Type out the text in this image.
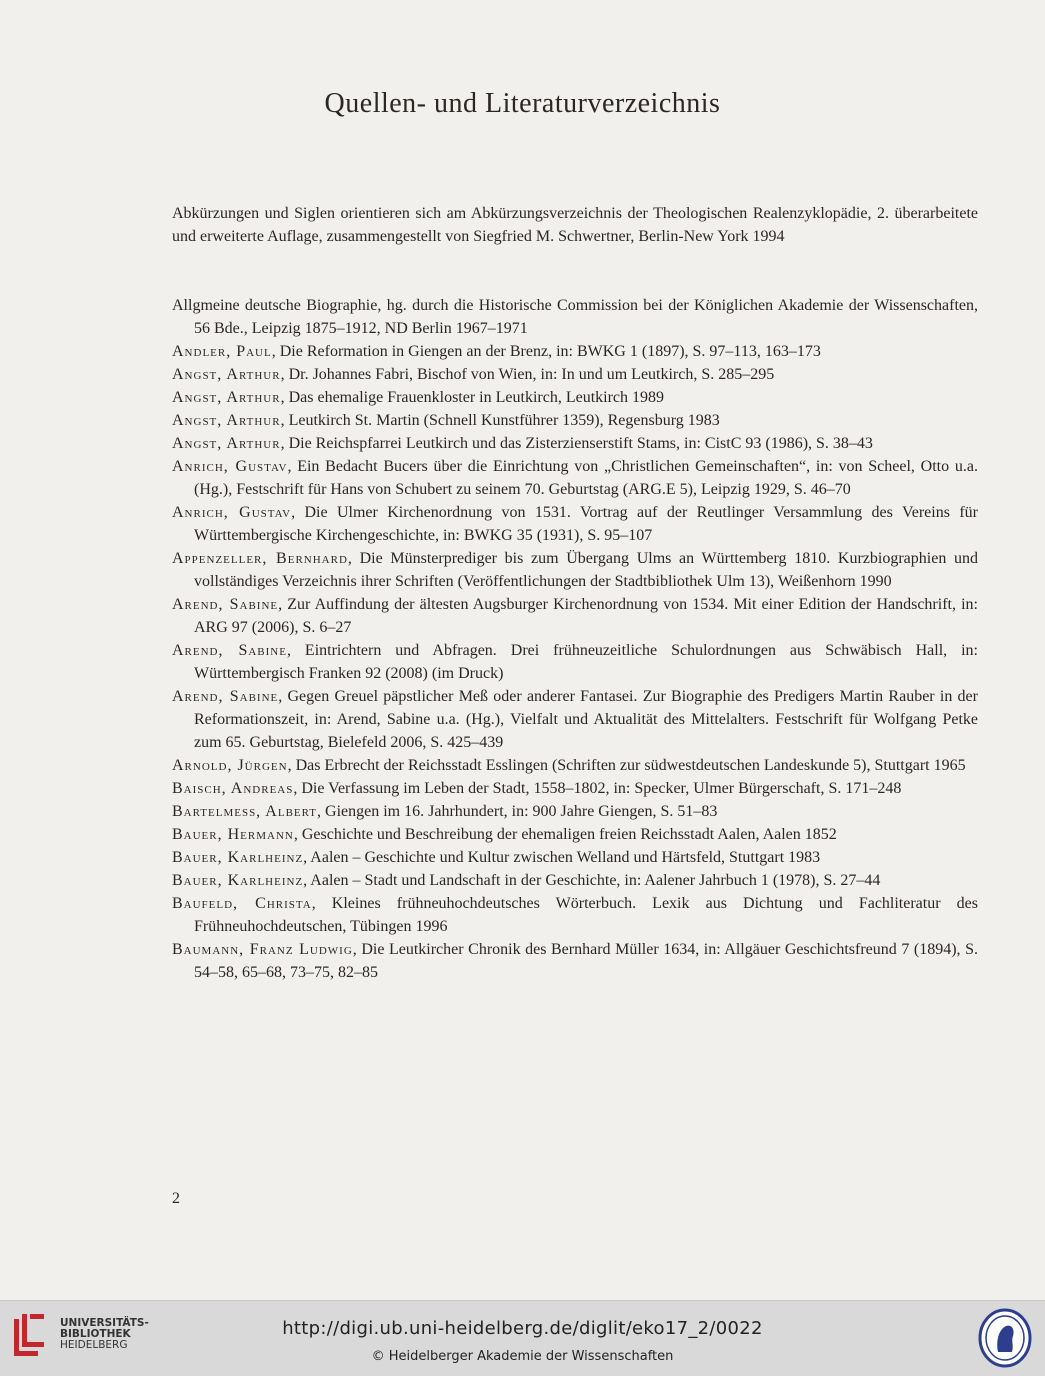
Quellen- und Literaturverzeichnis

Abkürzungen und Siglen orientieren sich am Abkürzungsverzeichnis der Theologischen Realenzyklopädie, 2. überarbeitete und erweiterte Auflage, zusammengestellt von Siegfried M. Schwertner, Berlin-New York 1994

Allgmeine deutsche Biographie, hg. durch die Historische Commission bei der Königlichen Akademie der Wissenschaften, 56 Bde., Leipzig 1875–1912, ND Berlin 1967–1971

Andler, Paul, Die Reformation in Giengen an der Brenz, in: BWKG 1 (1897), S. 97–113, 163–173

Angst, Arthur, Dr. Johannes Fabri, Bischof von Wien, in: In und um Leutkirch, S. 285–295

Angst, Arthur, Das ehemalige Frauenkloster in Leutkirch, Leutkirch 1989

Angst, Arthur, Leutkirch St. Martin (Schnell Kunstführer 1359), Regensburg 1983

Angst, Arthur, Die Reichspfarrei Leutkirch und das Zisterzienserstift Stams, in: CistC 93 (1986), S. 38–43

Anrich, Gustav, Ein Bedacht Bucers über die Einrichtung von „Christlichen Gemeinschaften“, in: von Scheel, Otto u.a. (Hg.), Festschrift für Hans von Schubert zu seinem 70. Geburtstag (ARG.E 5), Leipzig 1929, S. 46–70

Anrich, Gustav, Die Ulmer Kirchenordnung von 1531. Vortrag auf der Reutlinger Versammlung des Vereins für Württembergische Kirchengeschichte, in: BWKG 35 (1931), S. 95–107

Appenzeller, Bernhard, Die Münsterprediger bis zum Übergang Ulms an Württemberg 1810. Kurzbiographien und vollständiges Verzeichnis ihrer Schriften (Veröffentlichungen der Stadtbibliothek Ulm 13), Weißenhorn 1990

Arend, Sabine, Zur Auffindung der ältesten Augsburger Kirchenordnung von 1534. Mit einer Edition der Handschrift, in: ARG 97 (2006), S. 6–27

Arend, Sabine, Eintrichtern und Abfragen. Drei frühneuzeitliche Schulordnungen aus Schwäbisch Hall, in: Württembergisch Franken 92 (2008) (im Druck)

Arend, Sabine, Gegen Greuel päpstlicher Meß oder anderer Fantasei. Zur Biographie des Predigers Martin Rauber in der Reformationszeit, in: Arend, Sabine u.a. (Hg.), Vielfalt und Aktualität des Mittelalters. Festschrift für Wolfgang Petke zum 65. Geburtstag, Bielefeld 2006, S. 425–439

Arnold, Jürgen, Das Erbrecht der Reichsstadt Esslingen (Schriften zur südwestdeutschen Landeskunde 5), Stuttgart 1965

Baisch, Andreas, Die Verfassung im Leben der Stadt, 1558–1802, in: Specker, Ulmer Bürgerschaft, S. 171–248

Bartelmess, Albert, Giengen im 16. Jahrhundert, in: 900 Jahre Giengen, S. 51–83

Bauer, Hermann, Geschichte und Beschreibung der ehemaligen freien Reichsstadt Aalen, Aalen 1852

Bauer, Karlheinz, Aalen – Geschichte und Kultur zwischen Welland und Härtsfeld, Stuttgart 1983

Bauer, Karlheinz, Aalen – Stadt und Landschaft in der Geschichte, in: Aalener Jahrbuch 1 (1978), S. 27–44

Baufeld, Christa, Kleines frühneuhochdeutsches Wörterbuch. Lexik aus Dichtung und Fachliteratur des Frühneuhochdeutschen, Tübingen 1996

Baumann, Franz Ludwig, Die Leutkircher Chronik des Bernhard Müller 1634, in: Allgäuer Geschichtsfreund 7 (1894), S. 54–58, 65–68, 73–75, 82–85

2
UNIVERSITÄTS-
BIBLIOTHEK
HEIDELBERG
http://digi.ub.uni-heidelberg.de/diglit/eko17_2/0022
© Heidelberger Akademie der Wissenschaften
